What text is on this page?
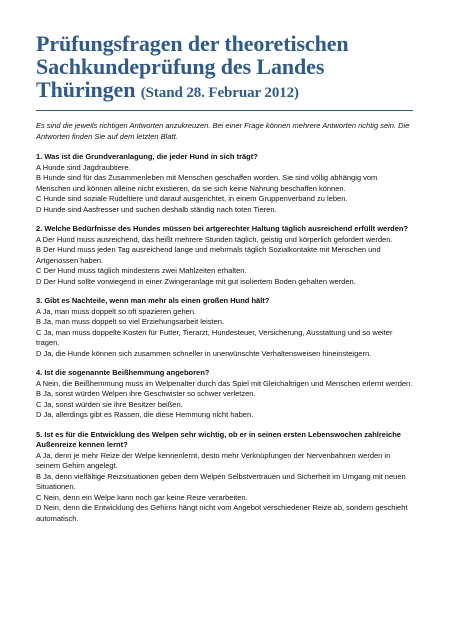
Prüfungsfragen der theoretischen Sachkundeprüfung des Landes Thüringen (Stand 28. Februar 2012)

Es sind die jeweils richtigen Antworten anzukreuzen. Bei einer Frage können mehrere Antworten richtig sein. Die Antworten finden Sie auf dem letzten Blatt.

1. Was ist die Grundveranlagung, die jeder Hund in sich trägt?
A Hunde sind Jagdraubtiere.
B Hunde sind für das Zusammenleben mit Menschen geschaffen worden. Sie sind völlig abhängig vom Menschen und können alleine nicht existieren, da sie sich keine Nahrung beschaffen können.
C Hunde sind soziale Rudeltiere und darauf ausgerichtet, in einem Gruppenverband zu leben.
D Hunde sind Aasfresser und suchen deshalb ständig nach toten Tieren.
2. Welche Bedürfnisse des Hundes müssen bei artgerechter Haltung täglich ausreichend erfüllt werden?
A Der Hund muss ausreichend, das heißt mehrere Stunden täglich, geistig und körperlich gefordert werden.
B Der Hund muss jeden Tag ausreichend lange und mehrmals täglich Sozialkontakte mit Menschen und Artgenossen haben.
C Der Hund muss täglich mindestens zwei Mahlzeiten erhalten.
D Der Hund sollte vorwiegend in einer Zwingeranlage mit gut isoliertem Boden gehalten werden.
3. Gibt es Nachteile, wenn man mehr als einen großen Hund hält?
A Ja, man muss doppelt so oft spazieren gehen.
B Ja, man muss doppelt so viel Erziehungsarbeit leisten.
C Ja, man muss doppelte Kosten für Futter, Tierarzt, Hundesteuer, Versicherung, Ausstattung und so weiter tragen.
D Ja, die Hunde können sich zusammen schneller in unerwünschte Verhaltensweisen hineinsteigern.
4. Ist die sogenannte Beißhemmung angeboren?
A Nein, die Beißhemmung muss im Welpenalter durch das Spiel mit Gleichaltrigen und Menschen erlernt werden.
B Ja, sonst würden Welpen ihre Geschwister so schwer verletzen.
C Ja, sonst würden sie ihre Besitzer beißen.
D Ja, allerdings gibt es Rassen, die diese Hemmung nicht haben.
5. Ist es für die Entwicklung des Welpen sehr wichtig, ob er in seinen ersten Lebenswochen zahlreiche Außenreize kennen lernt?
A Ja, denn je mehr Reize der Welpe kennenlernt, desto mehr Verknüpfungen der Nervenbahnen werden in seinem Gehirn angelegt.
B Ja, denn vielfältige Reizsituationen geben dem Welpen Selbstvertrauen und Sicherheit im Umgang mit neuen Situationen.
C Nein, denn ein Welpe kann noch gar keine Reize verarbeiten.
D Nein, denn die Entwicklung des Gehirns hängt nicht vom Angebot verschiedener Reize ab, sondern geschieht automatisch.
